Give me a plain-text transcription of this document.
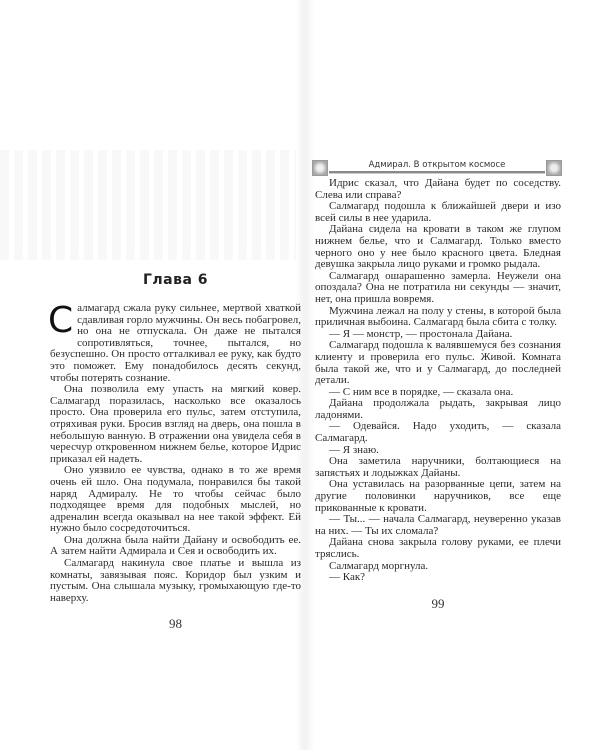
Глава 6

Салмагард сжала руку сильнее, мертвой хваткой сдавливая горло мужчины. Он весь побагровел, но она не отпускала. Он даже не пытался сопротивляться, точнее, пытался, но безуспешно. Он просто отталкивал ее руку, как будто это поможет. Ему понадобилось десять секунд, чтобы потерять сознание.

Она позволила ему упасть на мягкий ковер. Салмагард поразилась, насколько все оказалось просто. Она проверила его пульс, затем отступила, отряхивая руки. Бросив взгляд на дверь, она пошла в небольшую ванную. В отражении она увидела себя в чересчур откровенном нижнем белье, которое Идрис приказал ей надеть.

Оно уязвило ее чувства, однако в то же время очень ей шло. Она подумала, понравился бы такой наряд Адмиралу. Не то чтобы сейчас было подходящее время для подобных мыслей, но адреналин всегда оказывал на нее такой эффект. Ей нужно было сосредоточиться.

Она должна была найти Дайану и освободить ее. А затем найти Адмирала и Сея и освободить их.

Салмагард накинула свое платье и вышла из комнаты, завязывая пояс. Коридор был узким и пустым. Она слышала музыку, громыхающую где-то наверху.

98
Адмирал. В открытом космосе

Идрис сказал, что Дайана будет по соседству. Слева или справа?

Салмагард подошла к ближайшей двери и изо всей силы в нее ударила.

Дайана сидела на кровати в таком же глупом нижнем белье, что и Салмагард. Только вместо черного оно у нее было красного цвета. Бледная девушка закрыла лицо руками и громко рыдала.

Салмагард ошарашенно замерла. Неужели она опоздала? Она не потратила ни секунды — значит, нет, она пришла вовремя.

Мужчина лежал на полу у стены, в которой была приличная выбоина. Салмагард была сбита с толку.

— Я — монстр, — простонала Дайана.

Салмагард подошла к валявшемуся без сознания клиенту и проверила его пульс. Живой. Комната была такой же, что и у Салмагард, до последней детали.

— С ним все в порядке, — сказала она.

Дайана продолжала рыдать, закрывая лицо ладонями.

— Одевайся. Надо уходить, — сказала Салмагард.

— Я знаю.

Она заметила наручники, болтающиеся на запястьях и лодыжках Дайаны.

Она уставилась на разорванные цепи, затем на другие половинки наручников, все еще прикованные к кровати.

— Ты... — начала Салмагард, неуверенно указав на них. — Ты их сломала?

Дайана снова закрыла голову руками, ее плечи тряслись.

Салмагард моргнула.

— Как?

99
